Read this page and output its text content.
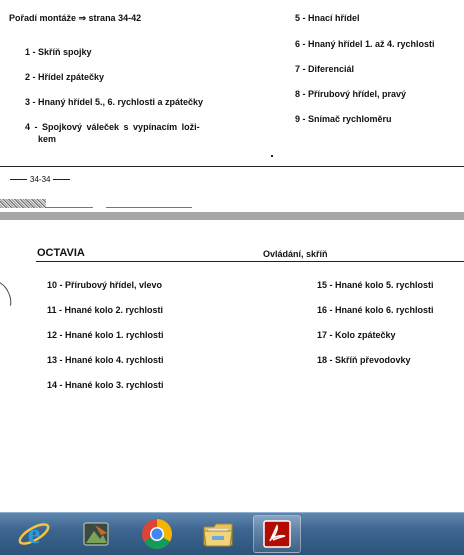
Pořadí montáže ⇒ strana 34-42
1 - Skříň spojky
2 - Hřídel zpátečky
3 - Hnaný hřídel 5., 6. rychlosti a zpátečky
4 - Spojkový váleček s vypínacím loži-
kem
5 - Hnací hřídel
6 - Hnaný hřídel 1. až 4. rychlosti
7 - Diferenciál
8 - Přírubový hřídel, pravý
9 - Snímač rychloměru
34-34
OCTAVIA	Ovládání, skříň
10 - Přírubový hřídel, vlevo
11 - Hnané kolo 2. rychlosti
12 - Hnané kolo 1. rychlosti
13 - Hnané kolo 4. rychlosti
14 - Hnané kolo 3. rychlosti
15 - Hnané kolo 5. rychlosti
16 - Hnané kolo 6. rychlosti
17 - Kolo zpátečky
18 - Skříň převodovky
e
